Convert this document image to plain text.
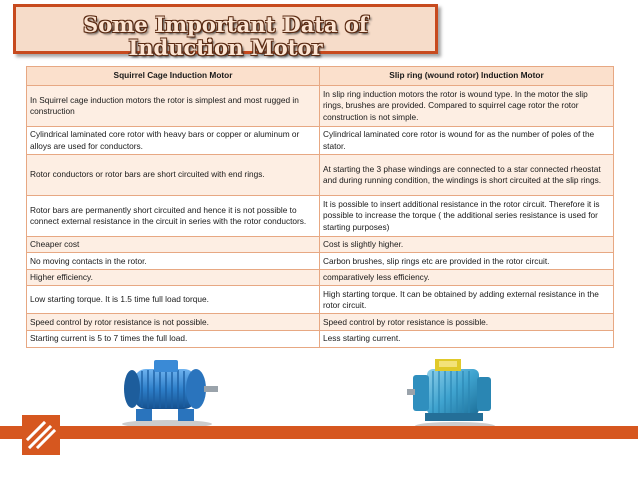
Some Important Data of Induction Motor
Squirrel Cage Induction Motor	Slip ring (wound rotor) Induction Motor
In Squirrel cage induction motors the rotor is simplest and most rugged in construction	In slip ring induction motors the rotor is wound type. In the motor the slip rings, brushes are provided. Compared to squirrel cage rotor the rotor construction is not simple.
Cylindrical laminated core rotor with heavy bars or copper or aluminum or alloys are used for conductors.	Cylindrical laminated core rotor is wound for as the number of poles of the stator.
Rotor conductors or rotor bars are short circuited with end rings.	At starting the 3 phase windings are connected to a star connected rheostat and during running condition, the windings is short circuited at the slip rings.
Rotor bars are permanently short circuited and hence it is not possible to connect external resistance in the circuit in series with the rotor conductors.	It is possible to insert additional resistance in the rotor circuit. Therefore it is possible to increase the torque ( the additional series resistance is used for starting purposes)
Cheaper cost	Cost is slightly higher.
No moving contacts in the rotor.	Carbon brushes, slip rings etc are provided in the rotor circuit.
Higher efficiency.	comparatively less efficiency.
Low starting torque. It is 1.5 time full load torque.	High starting torque. It can be obtained by adding external resistance in the rotor circuit.
Speed control by rotor resistance is not possible.	Speed control by rotor resistance is possible.
Starting current is 5 to 7 times the full load.	Less starting current.
